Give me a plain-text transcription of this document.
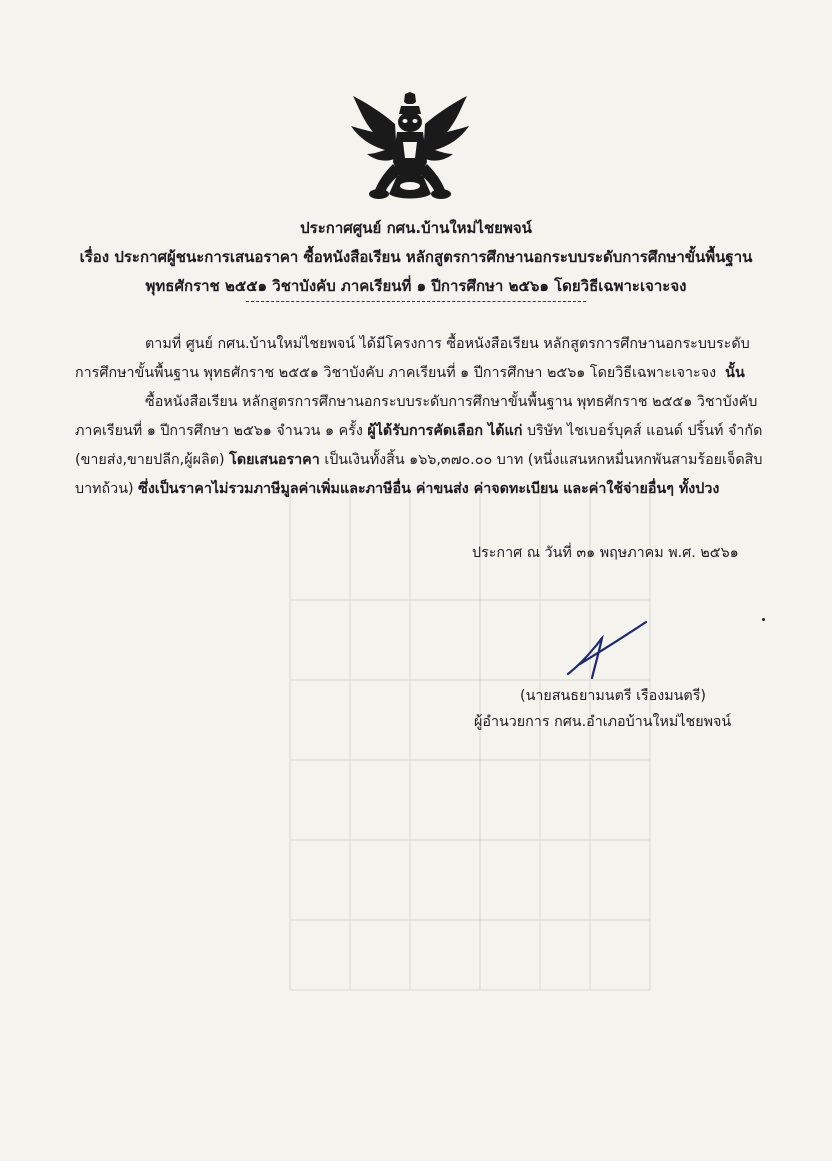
ประกาศศูนย์ กศน.บ้านใหม่ไชยพจน์
เรื่อง ประกาศผู้ชนะการเสนอราคา ซื้อหนังสือเรียน หลักสูตรการศึกษานอกระบบระดับการศึกษาขั้นพื้นฐาน
พุทธศักราช ๒๕๕๑ วิชาบังคับ ภาคเรียนที่ ๑ ปีการศึกษา ๒๕๖๑ โดยวิธีเฉพาะเจาะจง
ตามที่ ศูนย์ กศน.บ้านใหม่ไชยพจน์ ได้มีโครงการ ซื้อหนังสือเรียน หลักสูตรการศึกษานอกระบบระดับ
การศึกษาขั้นพื้นฐาน พุทธศักราช ๒๕๕๑ วิชาบังคับ ภาคเรียนที่ ๑ ปีการศึกษา ๒๕๖๑ โดยวิธีเฉพาะเจาะจง นั้น
ซื้อหนังสือเรียน หลักสูตรการศึกษานอกระบบระดับการศึกษาขั้นพื้นฐาน พุทธศักราช ๒๕๕๑ วิชาบังคับ
ภาคเรียนที่ ๑ ปีการศึกษา ๒๕๖๑ จำนวน ๑ ครั้ง ผู้ได้รับการคัดเลือก ได้แก่ บริษัท ไชเบอร์บุคส์ แอนด์ ปริ้นท์ จำกัด
(ขายส่ง,ขายปลีก,ผู้ผลิต) โดยเสนอราคา เป็นเงินทั้งสิ้น ๑๖๖,๓๗๐.๐๐ บาท (หนึ่งแสนหกหมื่นหกพันสามร้อยเจ็ดสิบ
บาทถ้วน) ซึ่งเป็นราคาไม่รวมภาษีมูลค่าเพิ่มและภาษีอื่น ค่าขนส่ง ค่าจดทะเบียน และค่าใช้จ่ายอื่นๆ ทั้งปวง
ประกาศ ณ วันที่ ๓๑ พฤษภาคม พ.ศ. ๒๕๖๑
(นายสนธยามนตรี เรืองมนตรี)
ผู้อำนวยการ กศน.อำเภอบ้านใหม่ไชยพจน์
